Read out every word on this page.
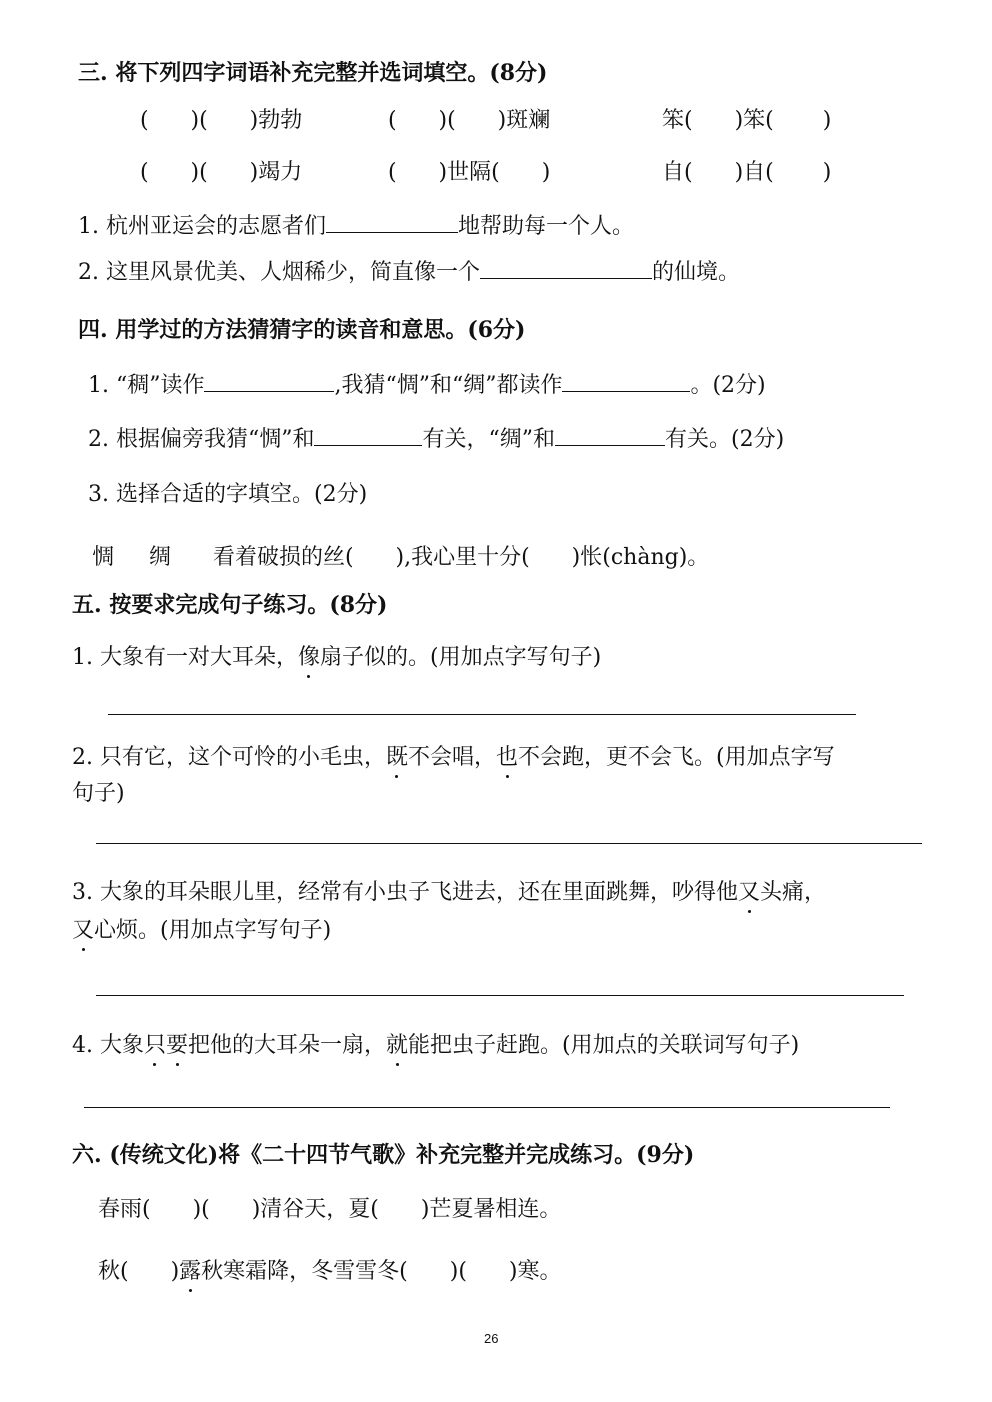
三. 将下列四字词语补充完整并选词填空。(8分)
(      )(      )勃勃	(      )(      )斑斓	笨( )笨( )
(      )(      )竭力	(      )世隔( )	自( )自( )
1. 杭州亚运会的志愿者们	地帮助每一个人。
2. 这里风景优美、人烟稀少，简直像一个	的仙境。
四. 用学过的方法猜猜字的读音和意思。(6分)
1. “稠”读作	,我猜“惆”和“绸”都读作	。(2分)
2. 根据偏旁我猜“惆”和	有关，“绸”和	有关。(2分)
3. 选择合适的字填空。(2分)
惆 绸 看着破损的丝( ),我心里十分( )怅(chàng)。
五. 按要求完成句子练习。(8分)
1. 大象有一对大耳朵，像扇子似的。(用加点字写句子)
2. 只有它，这个可怜的小毛虫，既不会唱，也不会跑，更不会飞。(用加点字写
句子)
3. 大象的耳朵眼儿里，经常有小虫子飞进去，还在里面跳舞，吵得他又头痛，
又心烦。(用加点字写句子)
4. 大象只要把他的大耳朵一扇，就能把虫子赶跑。(用加点的关联词写句子)
六. (传统文化)将《二十四节气歌》补充完整并完成练习。(9分)
春雨( )( )清谷天，夏( )芒夏暑相连。
秋( )露秋寒霜降，冬雪雪冬( )( )寒。
26
